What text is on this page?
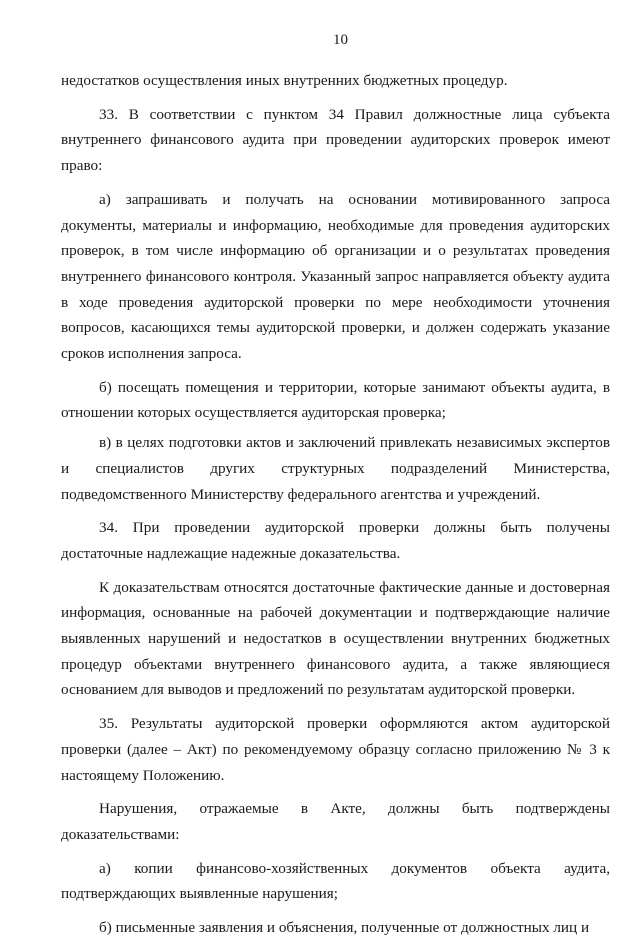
10

недостатков осуществления иных внутренних бюджетных процедур.

33. В соответствии с пунктом 34 Правил должностные лица субъекта внутреннего финансового аудита при проведении аудиторских проверок имеют право:

а) запрашивать и получать на основании мотивированного запроса документы, материалы и информацию, необходимые для проведения аудиторских проверок, в том числе информацию об организации и о результатах проведения внутреннего финансового контроля. Указанный запрос направляется объекту аудита в ходе проведения аудиторской проверки по мере необходимости уточнения вопросов, касающихся темы аудиторской проверки, и должен содержать указание сроков исполнения запроса.

б) посещать помещения и территории, которые занимают объекты аудита, в отношении которых осуществляется аудиторская проверка;

в) в целях подготовки актов и заключений привлекать независимых экспертов и специалистов других структурных подразделений Министерства, подведомственного Министерству федерального агентства и учреждений.

34. При проведении аудиторской проверки должны быть получены достаточные надлежащие надежные доказательства.

К доказательствам относятся достаточные фактические данные и достоверная информация, основанные на рабочей документации и подтверждающие наличие выявленных нарушений и недостатков в осуществлении внутренних бюджетных процедур объектами внутреннего финансового аудита, а также являющиеся основанием для выводов и предложений по результатам аудиторской проверки.

35. Результаты аудиторской проверки оформляются актом аудиторской проверки (далее – Акт) по рекомендуемому образцу согласно приложению № 3 к настоящему Положению.

Нарушения, отражаемые в Акте, должны быть подтверждены доказательствами:

а) копии финансово-хозяйственных документов объекта аудита, подтверждающих выявленные нарушения;

б) письменные заявления и объяснения, полученные от должностных лиц и
